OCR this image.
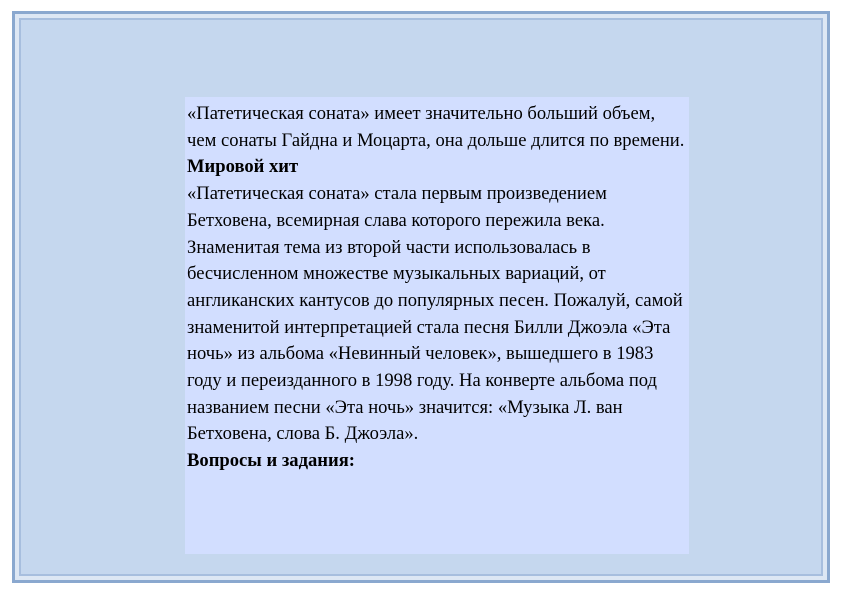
«Патетическая соната» имеет значительно больший объем, чем сонаты Гайдна и Моцарта, она дольше длится по времени.

Мировой хит

«Патетическая соната» стала первым произведением Бетховена, всемирная слава которого пережила века. Знаменитая тема из второй части использовалась в бесчисленном множестве музыкальных вариаций, от англиканских кантусов до популярных песен. Пожалуй, самой знаменитой интерпретацией стала песня Билли Джоэла «Эта ночь» из альбома «Невинный человек», вышедшего в 1983 году и переизданного в 1998 году. На конверте альбома под названием песни «Эта ночь» значится: «Музыка Л. ван Бетховена, слова Б. Джоэла».

Вопросы и задания:
